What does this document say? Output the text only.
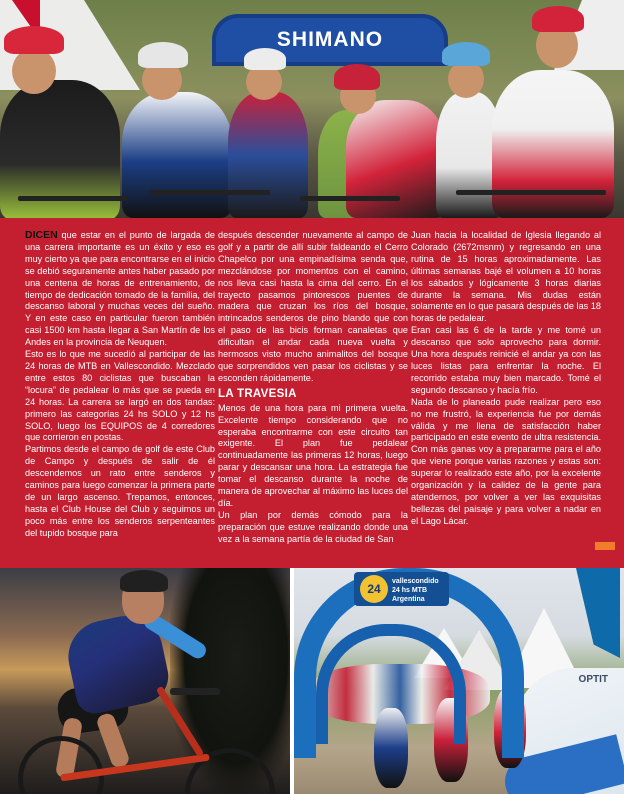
SHIMANO

DICEN que estar en el punto de largada de una carrera importante es un éxito y eso es muy cierto ya que para encontrarse en el inicio se debió seguramente antes haber pasado por una centena de horas de entrenamiento, de tiempo de dedicación tomado de la familia, del descanso laboral y muchas veces del sueño. Y en este caso en particular fueron también casi 1500 km hasta llegar a San Martín de los Andes en la provincia de Neuquen.

Esto es lo que me sucedió al participar de las 24 horas de MTB en Vallescondido. Mezclado entre estos 80 ciclistas que buscaban la “locura” de pedalear lo más que se pueda en 24 horas. La carrera se largó en dos tandas: primero las categorías 24 hs SOLO y 12 hs SOLO, luego los EQUIPOS de 4 corredores que corrieron en postas.

Partimos desde el campo de golf de este Club de Campo y después de salir de él descendemos un rato entre senderos y caminos para luego comenzar la primera parte de un largo ascenso. Trepamos, entonces, hasta el Club House del Club y seguimos un poco más entre los senderos serpenteantes del tupido bosque para

después descender nuevamente al campo de golf y a partir de allí subir faldeando el Cerro Chapelco por una empinadísima senda que, mezclándose por momentos con el camino, nos lleva casi hasta la cima del cerro. En el trayecto pasamos pintorescos puentes de madera que cruzan los ríos del bosque, intrincados senderos de pino blando que con el paso de las bicis forman canaletas que dificultan el andar cada nueva vuelta y hermosos visto mucho animalitos del bosque que sorprendidos ven pasar los ciclistas y se esconden rápidamente.

LA TRAVESIA

Menos de una hora para mi primera vuelta. Excelente tiempo considerando que no esperaba encontrarme con este circuito tan exigente. El plan fue pedalear continuadamente las primeras 12 horas, luego parar y descansar una hora. La estrategia fue tomar el descanso durante la noche de manera de aprovechar al máximo las luces del día.

Un plan por demás cómodo para la preparación que estuve realizando donde una vez a la semana partía de la ciudad de San

Juan hacia la localidad de Iglesia llegando al Colorado (2672msnm) y regresando en una rutina de 15 horas aproximadamente. Las últimas semanas bajé el volumen a 10 horas los sábados y lógicamente 3 horas diarias durante la semana. Mis dudas están solamente en lo que pasará después de las 18 horas de pedalear.

Eran casi las 6 de la tarde y me tomé un descanso que solo aprovecho para dormir. Una hora después reinicié el andar ya con las luces listas para enfrentar la noche. El recorrido estaba muy bien marcado. Tomé el segundo descanso y hacía frío.

Nada de lo planeado pude realizar pero eso no me frustró, la experiencia fue por demás válida y me llena de satisfacción haber participado en este evento de ultra resistencia. Con más ganas voy a prepararme para el año que viene porque varias razones y estas son: superar lo realizado este año, por la excelente organización y la calidez de la gente para atendernos, por volver a ver las exquisitas bellezas del paisaje y para volver a nadar en el Lago Lácar.

OPTIT
24
vallescondido
24 hs MTB Argentina
